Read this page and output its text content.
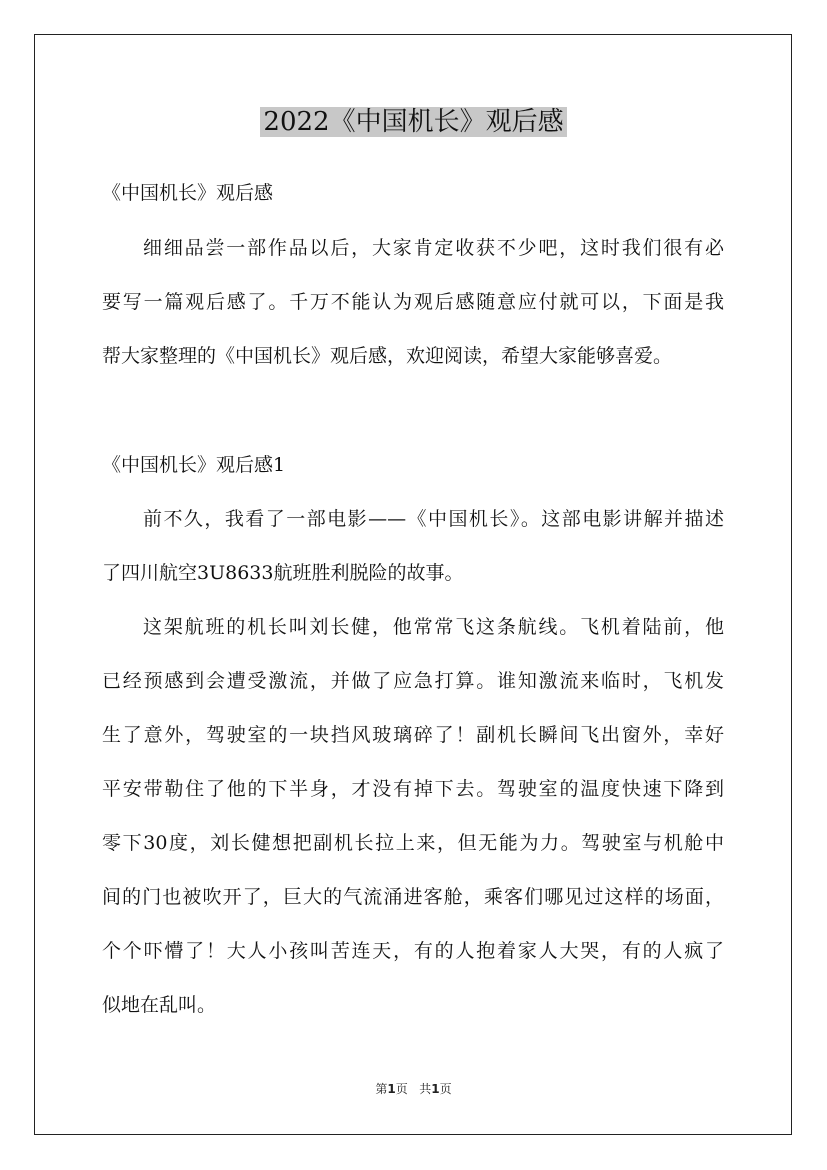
2022《中国机长》观后感

《中国机长》观后感

细细品尝一部作品以后，大家肯定收获不少吧，这时我们很有必

要写一篇观后感了。千万不能认为观后感随意应付就可以，下面是我

帮大家整理的《中国机长》观后感，欢迎阅读，希望大家能够喜爱。

《中国机长》观后感1

前不久，我看了一部电影——《中国机长》。这部电影讲解并描述

了四川航空3U8633航班胜利脱险的故事。

这架航班的机长叫刘长健，他常常飞这条航线。飞机着陆前，他

已经预感到会遭受激流，并做了应急打算。谁知激流来临时，飞机发

生了意外，驾驶室的一块挡风玻璃碎了！副机长瞬间飞出窗外，幸好

平安带勒住了他的下半身，才没有掉下去。驾驶室的温度快速下降到

零下30度，刘长健想把副机长拉上来，但无能为力。驾驶室与机舱中

间的门也被吹开了，巨大的气流涌进客舱，乘客们哪见过这样的场面，

个个吓懵了！大人小孩叫苦连天，有的人抱着家人大哭，有的人疯了

似地在乱叫。

第1页   共1页
